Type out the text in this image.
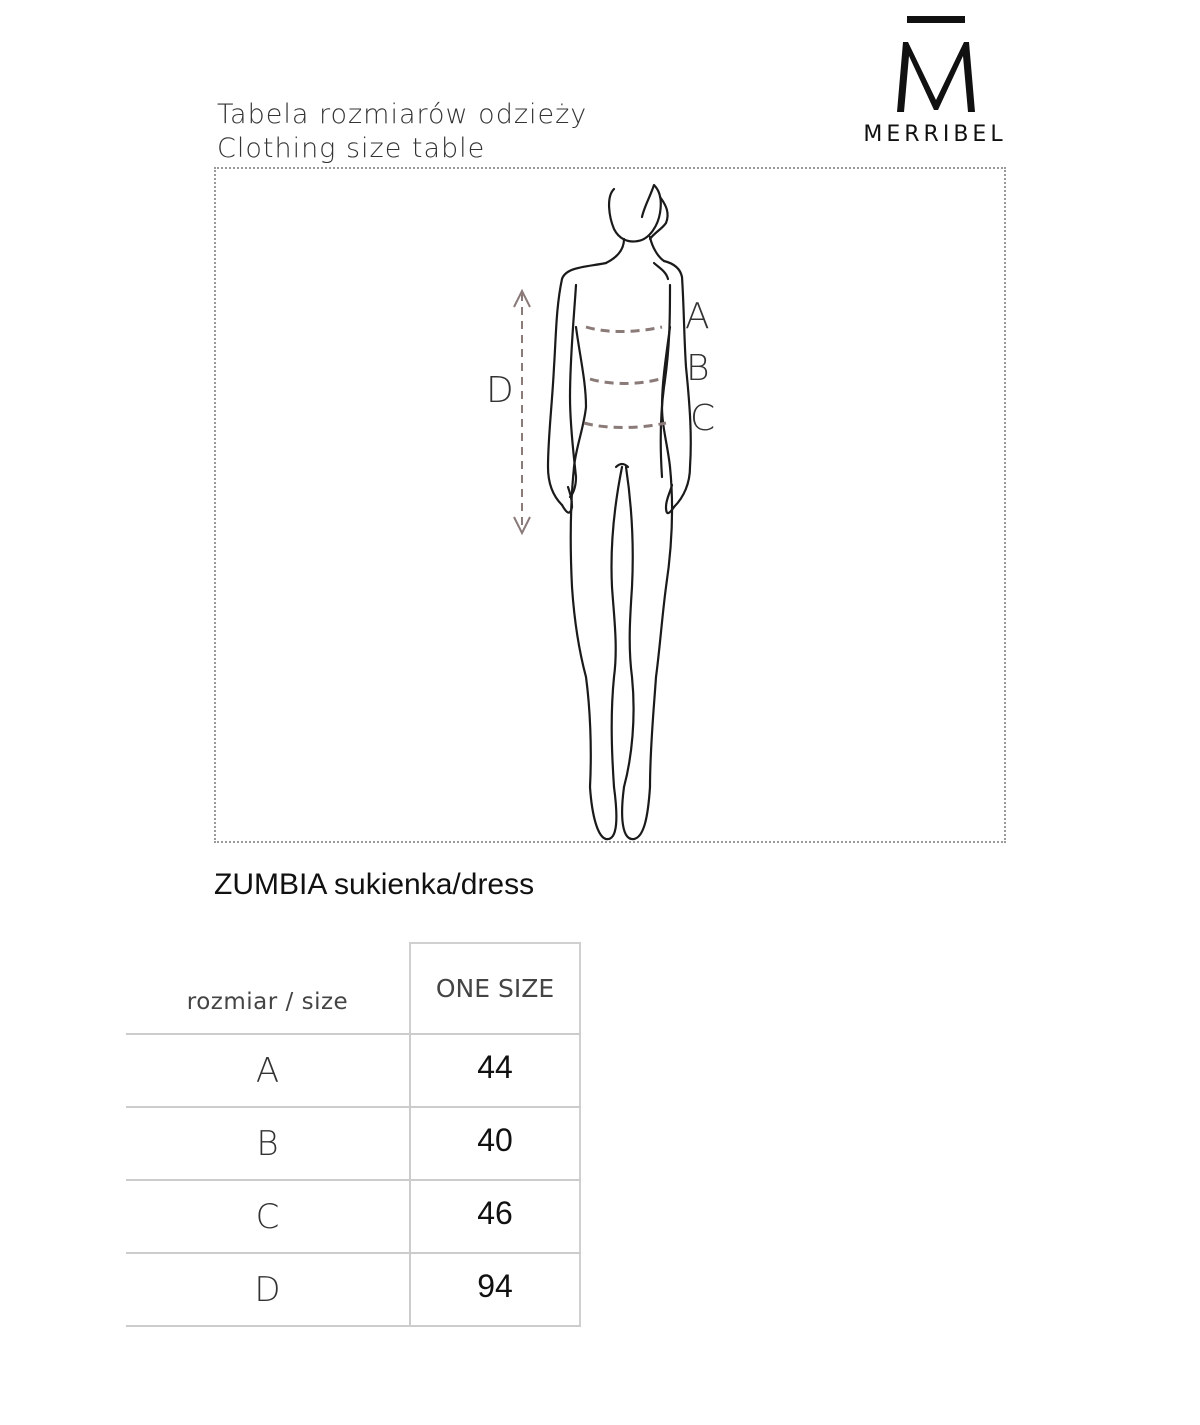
Tabela rozmiarów odzieży
Clothing size table	MERRIBEL
A
B
C
D
ZUMBIA sukienka/dress
rozmiar / size	ONE SIZE
A	44
B	40
C	46
D	94
